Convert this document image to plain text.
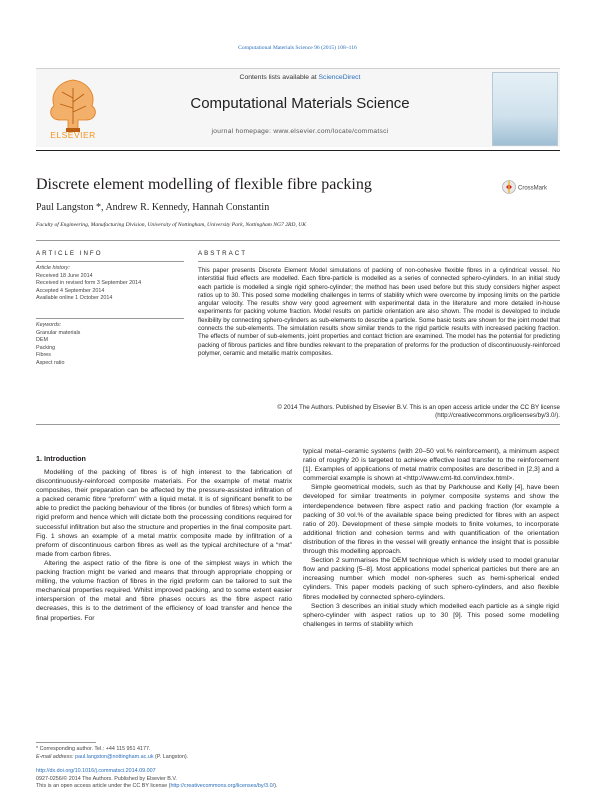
Computational Materials Science 96 (2015) 108–116
ELSEVIER
Contents lists available at ScienceDirect
Computational Materials Science
journal homepage: www.elsevier.com/locate/commatsci
Discrete element modelling of flexible fibre packing	CrossMark
Paul Langston *, Andrew R. Kennedy, Hannah Constantin
Faculty of Engineering, Manufacturing Division, University of Nottingham, University Park, Nottingham NG7 2RD, UK
ARTICLE INFO
Article history:
Received 18 June 2014
Received in revised form 3 September 2014
Accepted 4 September 2014
Available online 1 October 2014
Keywords:
Granular materials
DEM
Packing
Fibres
Aspect ratio
ABSTRACT
This paper presents Discrete Element Model simulations of packing of non-cohesive flexible fibres in a cylindrical vessel. No interstitial fluid effects are modelled. Each fibre-particle is modelled as a series of connected sphero-cylinders. In an initial study each particle is modelled a single rigid sphero-cylinder; the method has been used before but this study considers higher aspect ratios up to 30. This posed some modelling challenges in terms of stability which were overcome by imposing limits on the particle angular velocity. The results show very good agreement with experimental data in the literature and more detailed in-house experiments for packing volume fraction. Model results on particle orientation are also shown. The model is developed to include flexibility by connecting sphero-cylinders as sub-elements to describe a particle. Some basic tests are shown for the joint model that connects the sub-elements. The simulation results show similar trends to the rigid particle results with increased packing fraction. The effects of number of sub-elements, joint properties and contact friction are examined. The model has the potential for predicting packing of fibrous particles and fibre bundles relevant to the preparation of preforms for the production of discontinuously-reinforced polymer, ceramic and metallic matrix composites.
© 2014 The Authors. Published by Elsevier B.V. This is an open access article under the CC BY license (http://creativecommons.org/licenses/by/3.0/).
1. Introduction

Modelling of the packing of fibres is of high interest to the fabrication of discontinuously-reinforced composite materials. For the example of metal matrix composites, their preparation can be affected by the pressure-assisted infiltration of a packed ceramic fibre “preform” with a liquid metal. It is of significant benefit to be able to predict the packing behaviour of the fibres (or bundles of fibres) which form a rigid preform and hence which will dictate both the processing conditions required for successful infiltration but also the structure and properties in the final composite part. Fig. 1 shows an example of a metal matrix composite made by infiltration of a preform of discontinuous carbon fibres as well as the typical architecture of a “mat” made from carbon fibres.

Altering the aspect ratio of the fibre is one of the simplest ways in which the packing fraction might be varied and means that through appropriate chopping or milling, the volume fraction of fibres in the rigid preform can be tailored to suit the mechanical properties required. Whilst improved packing, and to some extent easier interspersion of the metal and fibre phases occurs as the fibre aspect ratio decreases, this is to the detriment of the efficiency of load transfer and hence the final properties. For

typical metal–ceramic systems (with 20–50 vol.% reinforcement), a minimum aspect ratio of roughly 20 is targeted to achieve effective load transfer to the reinforcement [1]. Examples of applications of metal matrix composites are described in [2,3] and a commercial example is shown at <http://www.cmt-ltd.com/index.html>.

Simple geometrical models, such as that by Parkhouse and Kelly [4], have been developed for similar treatments in polymer composite systems and show the interdependence between fibre aspect ratio and packing fraction (for example a packing of 30 vol.% of the available space being predicted for fibres with an aspect ratio of 20). Development of these simple models to finite volumes, to incorporate additional friction and cohesion terms and with quantification of the orientation distribution of the fibres in the vessel will greatly enhance the insight that is possible through this modelling approach.

Section 2 summarises the DEM technique which is widely used to model granular flow and packing [5–8]. Most applications model spherical particles but there are an increasing number which model non-spheres such as hemi-spherical ended cylinders. This paper models packing of such sphero-cylinders, and also flexible fibres modelled by connected sphero-cylinders.

Section 3 describes an initial study which modelled each particle as a single rigid sphero-cylinder with aspect ratios up to 30 [9]. This posed some modelling challenges in terms of stability which

* Corresponding author. Tel.: +44 115 951 4177.
E-mail address: paul.langston@nottingham.ac.uk (P. Langston).
http://dx.doi.org/10.1016/j.commatsci.2014.09.007
0927-0256/© 2014 The Authors. Published by Elsevier B.V.
This is an open access article under the CC BY license (http://creativecommons.org/licenses/by/3.0/).
